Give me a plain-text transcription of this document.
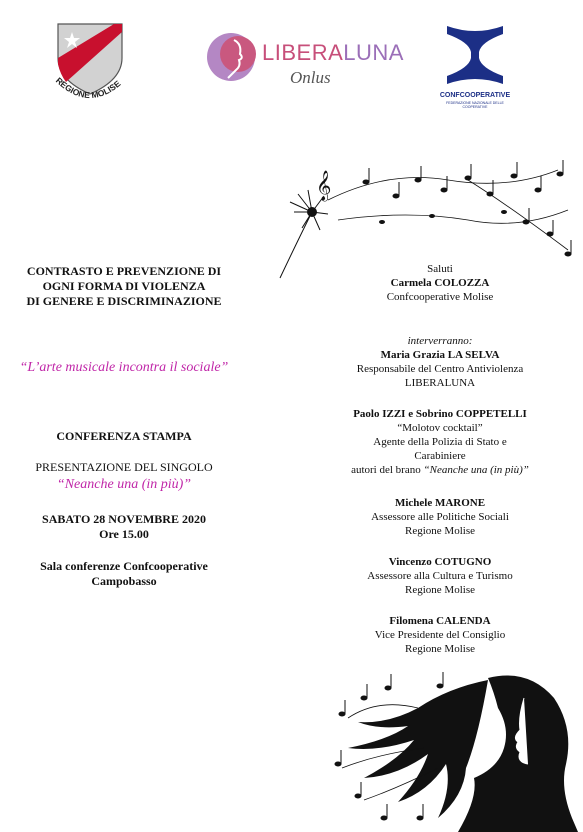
REGIONE MOLISE
LIBERALUNA
Onlus
CONFCOOPERATIVE
FEDERAZIONE NAZIONALE DELLE COOPERATIVE
𝄞
CONTRASTO E PREVENZIONE DI
OGNI FORMA DI VIOLENZA
DI GENERE E DISCRIMINAZIONE
“L’arte musicale incontra il sociale”
CONFERENZA STAMPA
PRESENTAZIONE DEL SINGOLO
“Neanche una (in più)”
SABATO 28 NOVEMBRE 2020
Ore 15.00
Sala conferenze Confcooperative
Campobasso
Saluti
Carmela COLOZZA
Confcooperative Molise
interverranno:
Maria Grazia LA SELVA
Responsabile del Centro Antiviolenza
LIBERALUNA
Paolo IZZI e Sobrino COPPETELLI
“Molotov cocktail”
Agente della Polizia di Stato e
Carabiniere
autori del brano “Neanche una (in più)”
Michele MARONE
Assessore alle Politiche Sociali
Regione Molise
Vincenzo COTUGNO
Assessore alla Cultura e Turismo
Regione Molise
Filomena CALENDA
Vice Presidente del Consiglio
Regione Molise
